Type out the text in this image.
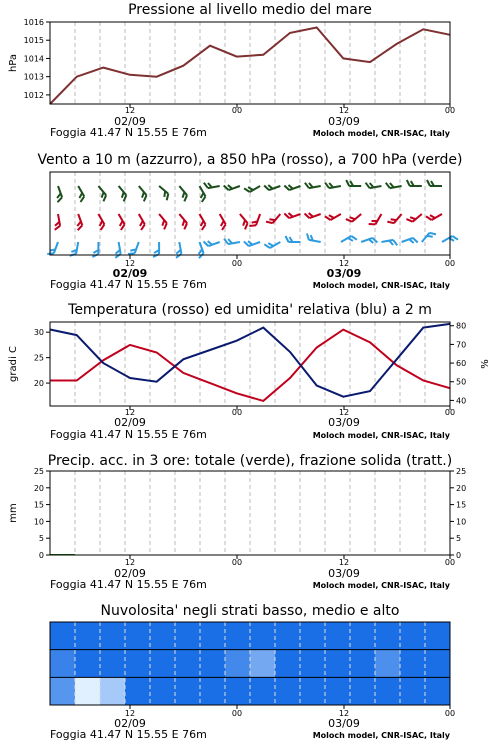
Pressione al livello medio del mare
12	00	12	00
02/09	03/09
Foggia 41.47 N 15.55 E 76m	Moloch model, CNR-ISAC, Italy
1012
1013
1014
1015
1016
hPa
Vento a 10 m (azzurro), a 850 hPa (rosso), a 700 hPa (verde)
12	00	12	00
02/09	03/09
Foggia 41.47 N 15.55 E 76m	Moloch model, CNR-ISAC, Italy
Temperatura (rosso) ed umidita' relativa (blu) a 2 m
12	00	12	00
02/09	03/09
Foggia 41.47 N 15.55 E 76m	Moloch model, CNR-ISAC, Italy
20
25
30
40
50
60
70
80
gradi C	%
Precip. acc. in 3 ore: totale (verde), frazione solida (tratt.)
12	00	12	00
02/09	03/09
Foggia 41.47 N 15.55 E 76m	Moloch model, CNR-ISAC, Italy
0	0
5	5
10	10
15	15
20	20
25	25
mm
Nuvolosita' negli strati basso, medio e alto
12	00	12	00
02/09	03/09
Foggia 41.47 N 15.55 E 76m	Moloch model, CNR-ISAC, Italy
